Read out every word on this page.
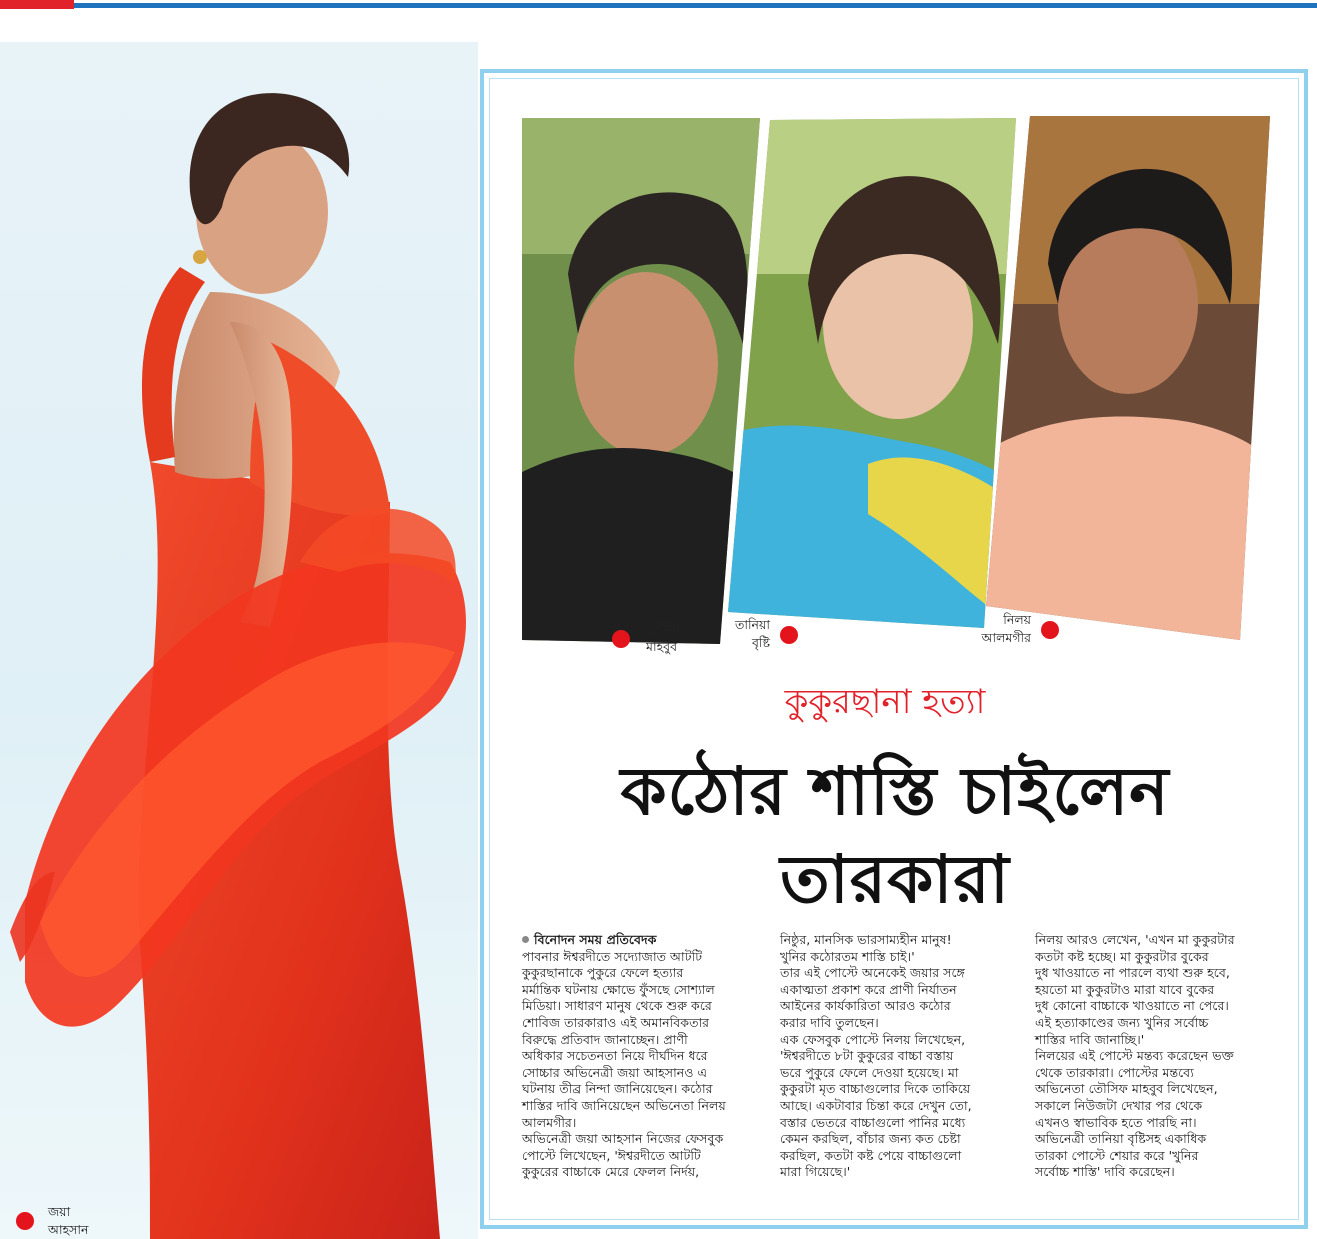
জয়া
আহসান
তৌসিফ
মাহবুব
তানিয়া
বৃষ্টি
নিলয়
আলমগীর
কুকুরছানা হত্যা
কঠোর শাস্তি চাইলেন
তারকারা

বিনোদন সময় প্রতিবেদক

পাবনার ঈশ্বরদীতে সদ্যোজাত আটটি

কুকুরছানাকে পুকুরে ফেলে হত্যার

মর্মান্তিক ঘটনায় ক্ষোভে ফুঁসছে সোশ্যাল

মিডিয়া। সাধারণ মানুষ থেকে শুরু করে

শোবিজ তারকারাও এই অমানবিকতার

বিরুদ্ধে প্রতিবাদ জানাচ্ছেন। প্রাণী

অধিকার সচেতনতা নিয়ে দীর্ঘদিন ধরে

সোচ্চার অভিনেত্রী জয়া আহসানও এ

ঘটনায় তীব্র নিন্দা জানিয়েছেন। কঠোর

শাস্তির দাবি জানিয়েছেন অভিনেতা নিলয়

আলমগীর।

অভিনেত্রী জয়া আহসান নিজের ফেসবুক

পোস্টে লিখেছেন, 'ঈশ্বরদীতে আটটি

কুকুরের বাচ্চাকে মেরে ফেলল নির্দয়,

নিষ্ঠুর, মানসিক ভারসাম্যহীন মানুষ!

খুনির কঠোরতম শাস্তি চাই।'

তার এই পোস্টে অনেকেই জয়ার সঙ্গে

একাত্মতা প্রকাশ করে প্রাণী নির্যাতন

আইনের কার্যকারিতা আরও কঠোর

করার দাবি তুলছেন।

এক ফেসবুক পোস্টে নিলয় লিখেছেন,

'ঈশ্বরদীতে ৮টা কুকুরের বাচ্চা বস্তায়

ভরে পুকুরে ফেলে দেওয়া হয়েছে। মা

কুকুরটা মৃত বাচ্চাগুলোর দিকে তাকিয়ে

আছে। একটাবার চিন্তা করে দেখুন তো,

বস্তার ভেতরে বাচ্চাগুলো পানির মধ্যে

কেমন করছিল, বাঁচার জন্য কত চেষ্টা

করছিল, কতটা কষ্ট পেয়ে বাচ্চাগুলো

মারা গিয়েছে।'

নিলয় আরও লেখেন, 'এখন মা কুকুরটার

কতটা কষ্ট হচ্ছে। মা কুকুরটার বুকের

দুধ খাওয়াতে না পারলে ব্যথা শুরু হবে,

হয়তো মা কুকুরটাও মারা যাবে বুকের

দুধ কোনো বাচ্চাকে খাওয়াতে না পেরে।

এই হত্যাকাণ্ডের জন্য খুনির সর্বোচ্চ

শাস্তির দাবি জানাচ্ছি।'

নিলয়ের এই পোস্টে মন্তব্য করেছেন ভক্ত

থেকে তারকারা। পোস্টের মন্তব্যে

অভিনেতা তৌসিফ মাহবুব লিখেছেন,

সকালে নিউজটা দেখার পর থেকে

এখনও স্বাভাবিক হতে পারছি না।

অভিনেত্রী তানিয়া বৃষ্টিসহ একাধিক

তারকা পোস্টে শেয়ার করে 'খুনির

সর্বোচ্চ শাস্তি' দাবি করেছেন।
